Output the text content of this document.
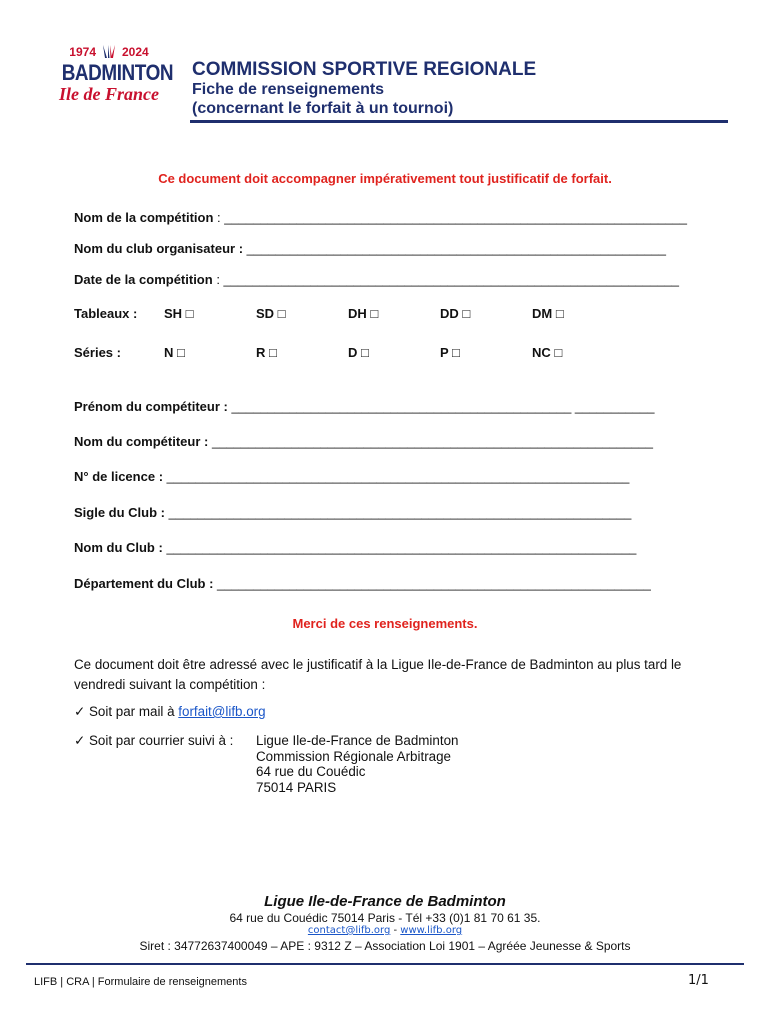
1974 2024
BADMINTON
Ile de France
COMMISSION SPORTIVE REGIONALE
Fiche de renseignements
(concernant le forfait à un tournoi)
Ce document doit accompagner impérativement tout justificatif de forfait.
Nom de la compétition : ________________________________________________________________
Nom du club organisateur : __________________________________________________________
Date de la compétition : _______________________________________________________________
Tableaux : SH □	SD □	DH □	DD □	DM □
Séries :	N □	R □	D □	P □	NC □
Prénom du compétiteur : _______________________________________________ ___________
Nom du compétiteur : _____________________________________________________________
N° de licence : ________________________________________________________________
Sigle du Club : ________________________________________________________________
Nom du Club : _________________________________________________________________
Département du Club : ____________________________________________________________
Merci de ces renseignements.
Ce document doit être adressé avec le justificatif à la Ligue Ile-de-France de Badminton au plus tard le vendredi suivant la compétition :
✓ Soit par mail à forfait@lifb.org
✓ Soit par courrier suivi à : Ligue Ile-de-France de Badminton
Commission Régionale Arbitrage
64 rue du Couédic
75014 PARIS
Ligue Ile-de-France de Badminton
64 rue du Couédic 75014 Paris - Tél +33 (0)1 81 70 61 35.
contact@lifb.org - www.lifb.org
Siret : 34772637400049 – APE : 9312 Z – Association Loi 1901 – Agréée Jeunesse & Sports
LIFB | CRA | Formulaire de renseignements	1/1
